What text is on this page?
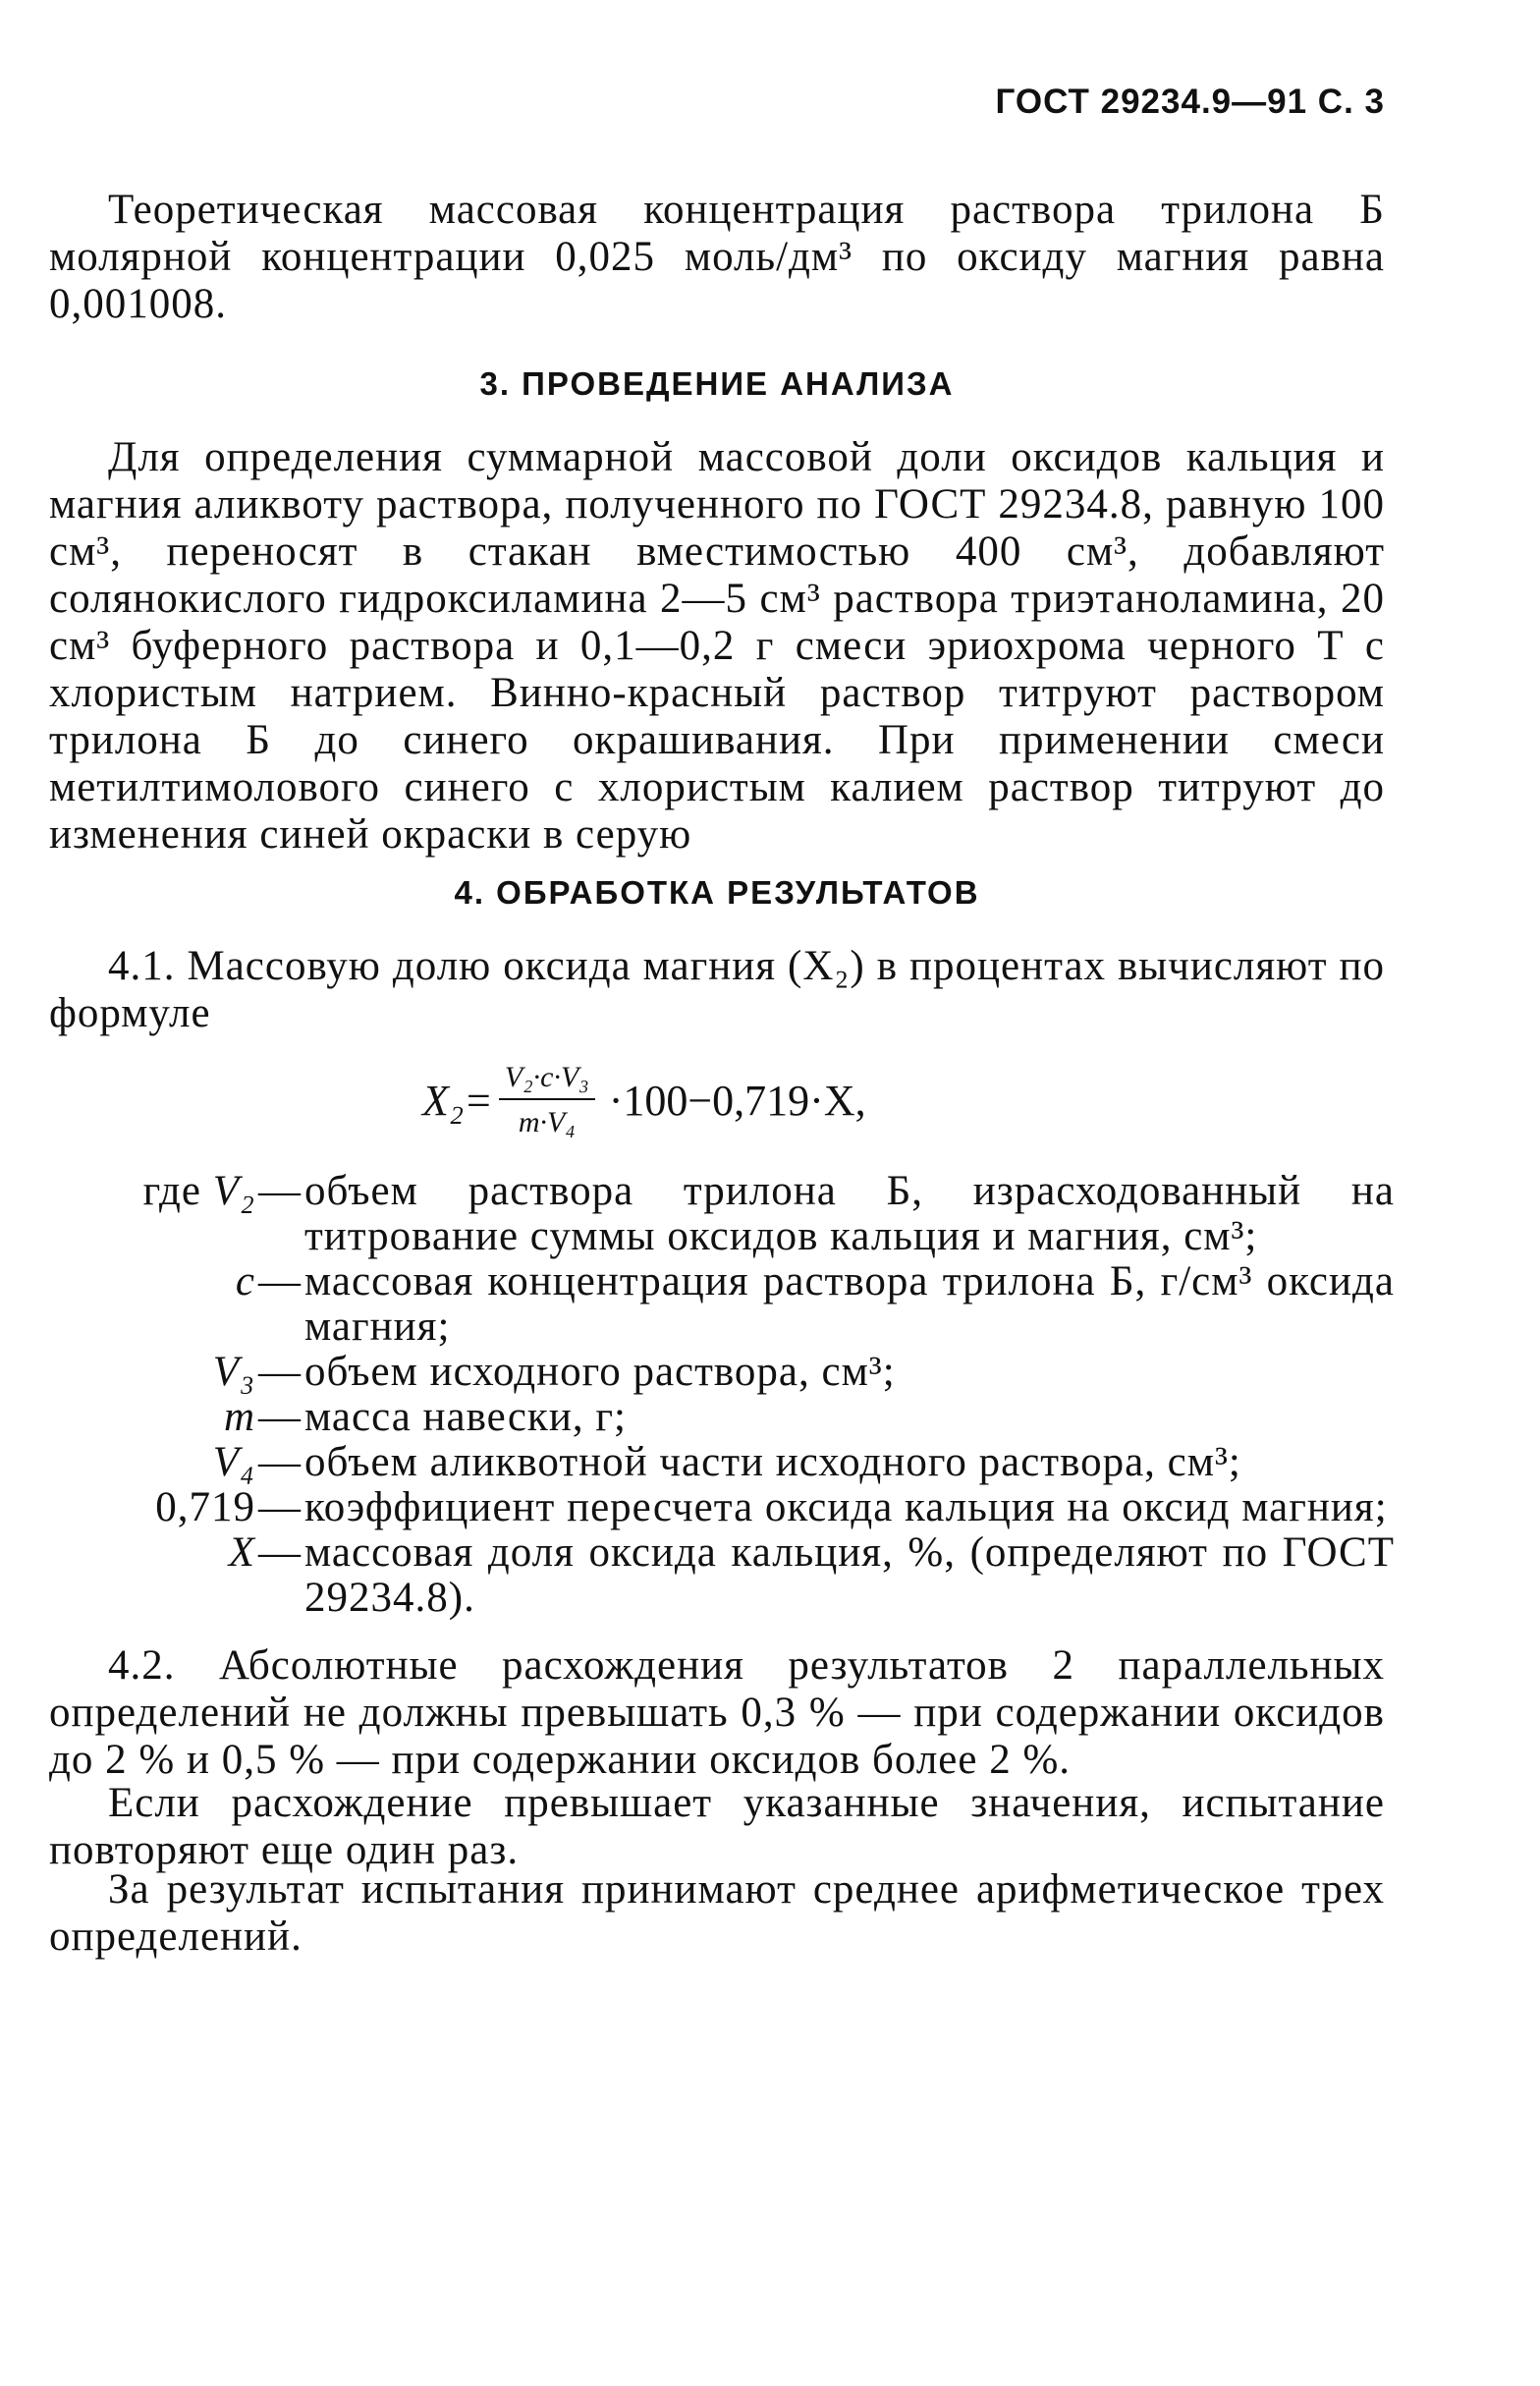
ГОСТ 29234.9—91 С. 3
Теоретическая массовая концентрация раствора трилона Б молярной концентрации 0,025 моль/дм³ по оксиду магния равна 0,001008.
3. ПРОВЕДЕНИЕ АНАЛИЗА
Для определения суммарной массовой доли оксидов кальция и магния аликвоту раствора, полученного по ГОСТ 29234.8, равную 100 см³, переносят в стакан вместимостью 400 см³, добавляют солянокислого гидроксиламина 2—5 см³ раствора триэтаноламина, 20 см³ буферного раствора и 0,1—0,2 г смеси эриохрома черного Т с хлористым натрием. Винно-красный раствор титруют раствором трилона Б до синего окрашивания. При применении смеси метилтимолового синего с хлористым калием раствор титруют до изменения синей окраски в серую
4. ОБРАБОТКА РЕЗУЛЬТАТОВ
4.1. Массовую долю оксида магния (X₂) в процентах вычисляют по формуле
$X_2= \frac{\text{V₂·c·V₃}}{\text{m·V₄}} \cdot 100-0,719\cdot X$,
где V₂ — объем раствора трилона Б, израсходованный на титрование суммы оксидов кальция и магния, см³;
c — массовая концентрация раствора трилона Б, г/см³ оксида магния;
V₃ — объем исходного раствора, см³;
m — масса навески, г;
V₄ — объем аликвотной части исходного раствора, см³;
0,719 — коэффициент пересчета оксида кальция на оксид магния;
X — массовая доля оксида кальция, %, (определяют по ГОСТ 29234.8).
4.2. Абсолютные расхождения результатов 2 параллельных определений не должны превышать 0,3 % — при содержании оксидов до 2 % и 0,5 % — при содержании оксидов более 2 %.
Если расхождение превышает указанные значения, испытание повторяют еще один раз.
За результат испытания принимают среднее арифметическое трех определений.
